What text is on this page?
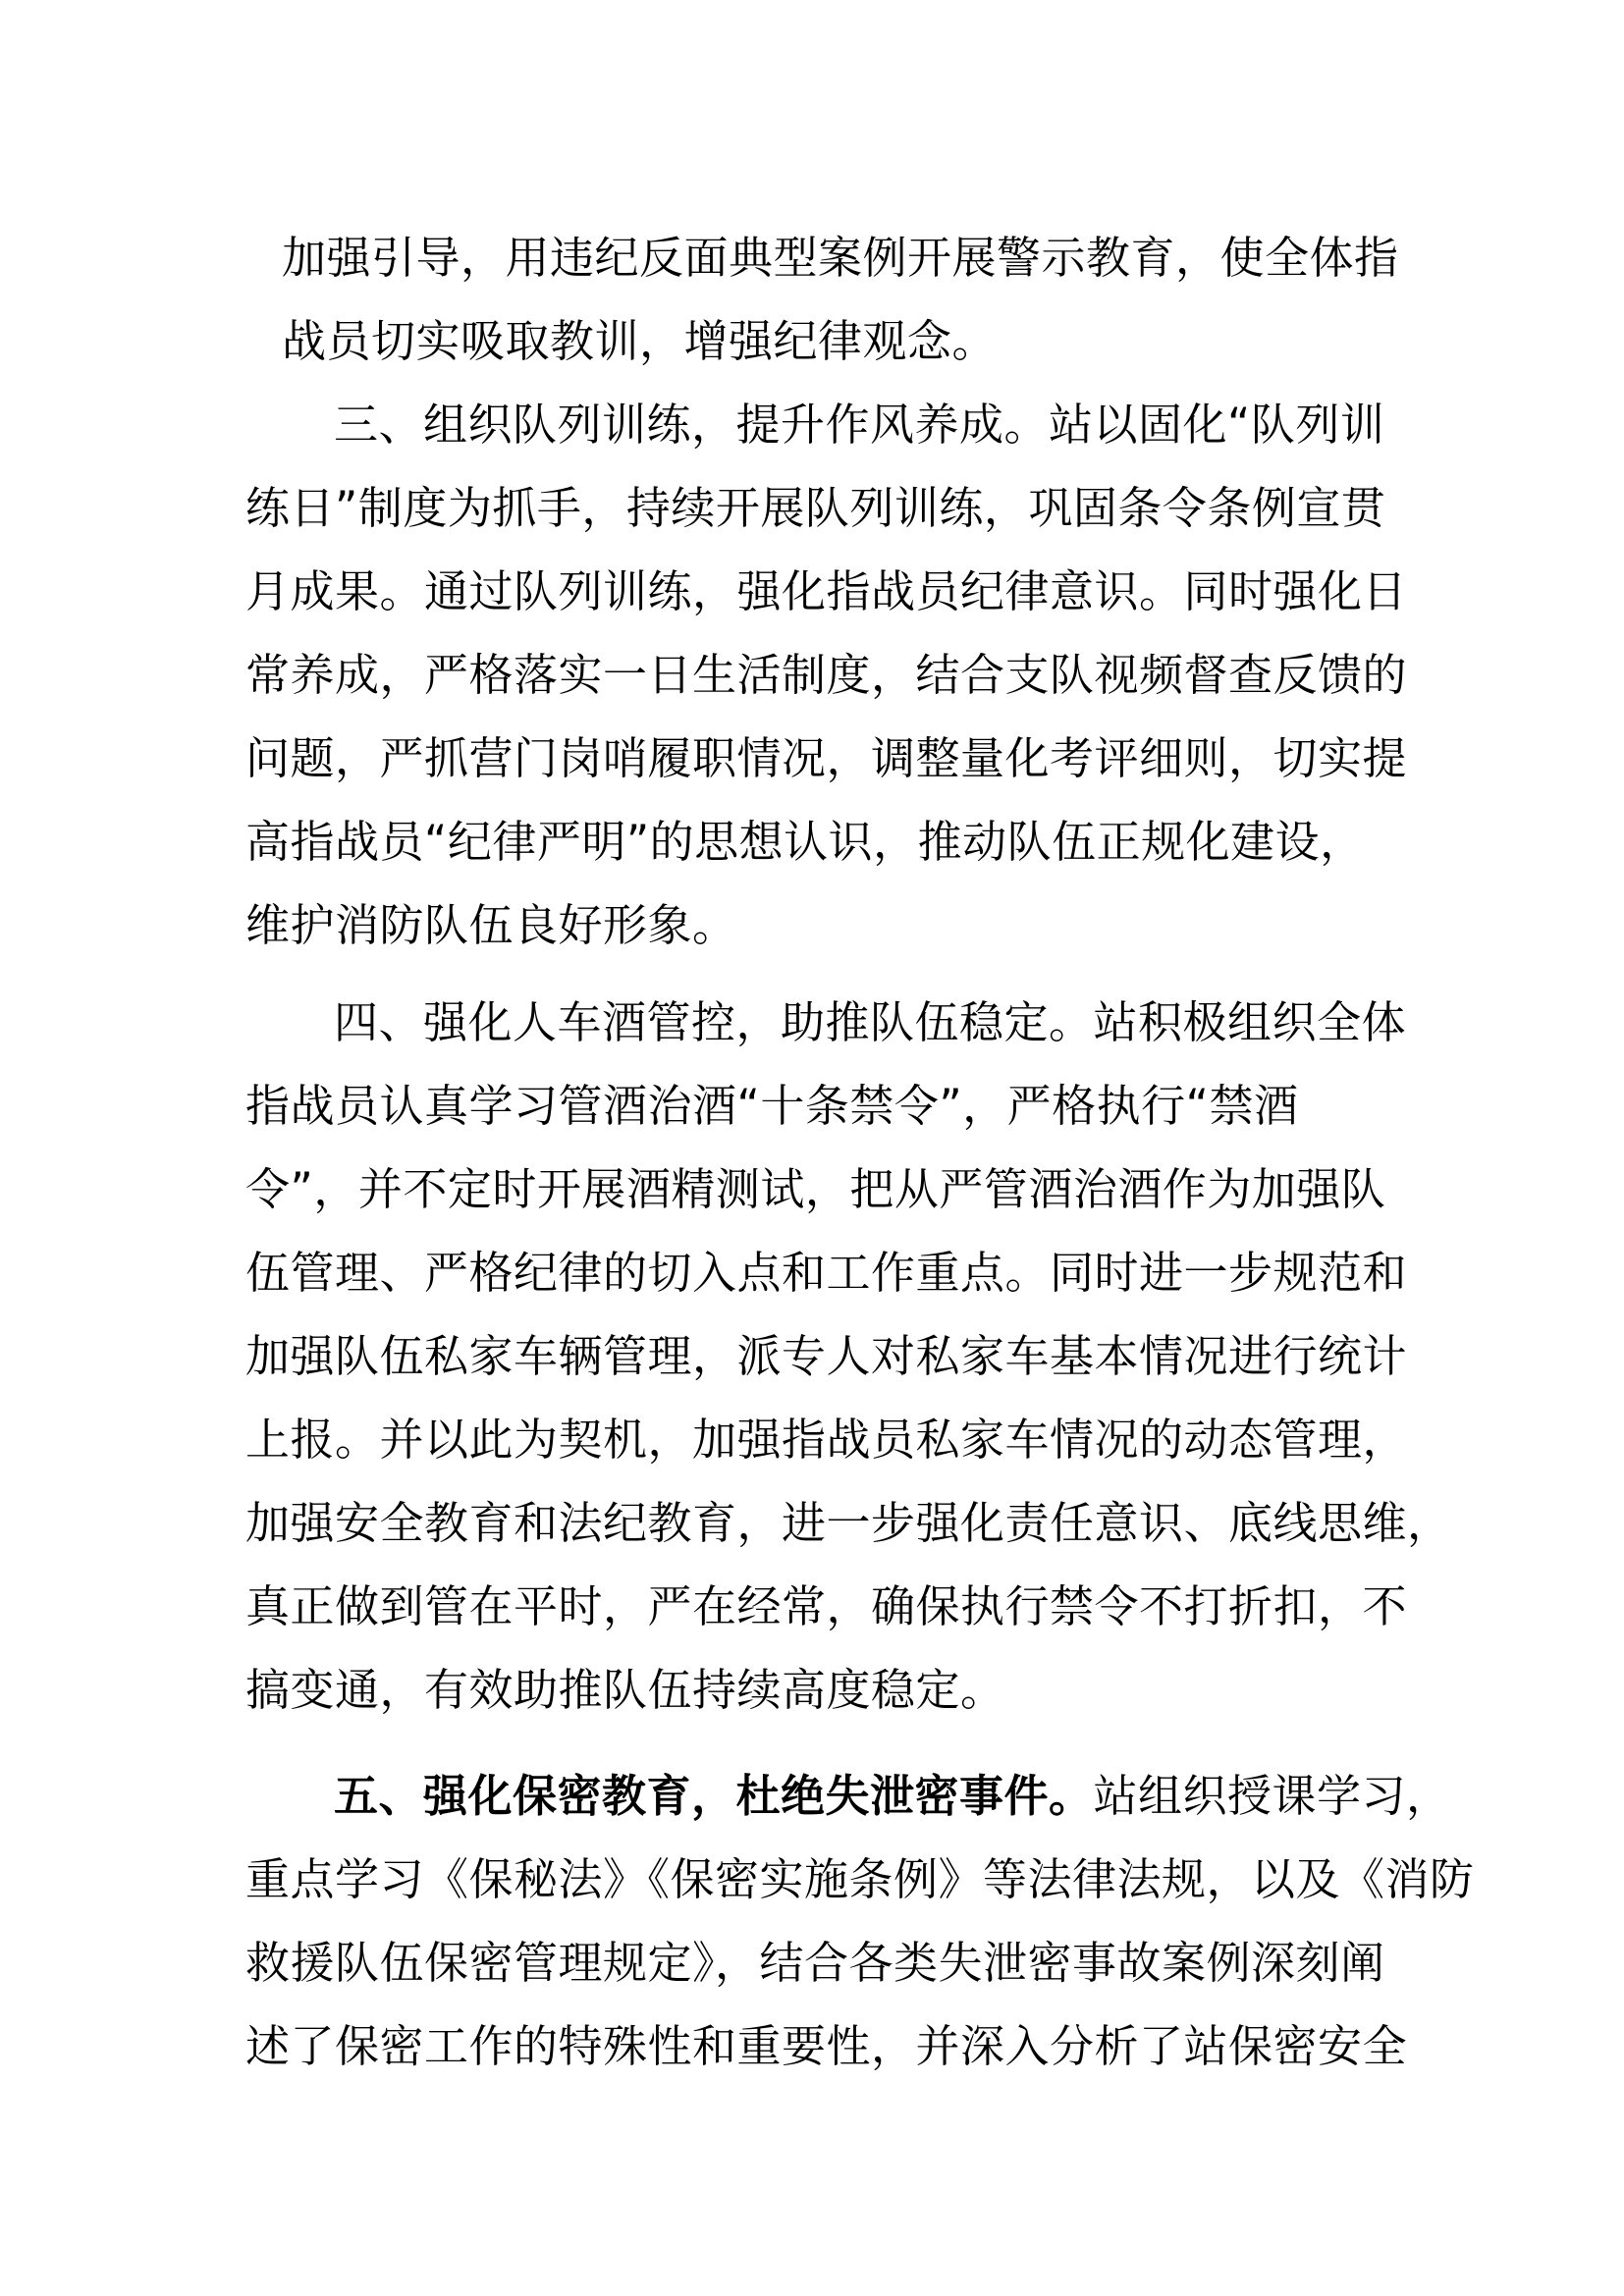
加强引导，用违纪反面典型案例开展警示教育，使全体指
战员切实吸取教训，增强纪律观念。
三、组织队列训练，提升作风养成。站以固化“队列训
练日”制度为抓手，持续开展队列训练，巩固条令条例宣贯
月成果。通过队列训练，强化指战员纪律意识。同时强化日
常养成，严格落实一日生活制度，结合支队视频督查反馈的
问题，严抓营门岗哨履职情况，调整量化考评细则，切实提
高指战员“纪律严明”的思想认识，推动队伍正规化建设，
维护消防队伍良好形象。
四、强化人车酒管控，助推队伍稳定。站积极组织全体
指战员认真学习管酒治酒“十条禁令”，严格执行“禁酒
令”，并不定时开展酒精测试，把从严管酒治酒作为加强队
伍管理、严格纪律的切入点和工作重点。同时进一步规范和
加强队伍私家车辆管理，派专人对私家车基本情况进行统计
上报。并以此为契机，加强指战员私家车情况的动态管理，
加强安全教育和法纪教育，进一步强化责任意识、底线思维，
真正做到管在平时，严在经常，确保执行禁令不打折扣，不
搞变通，有效助推队伍持续高度稳定。
五、强化保密教育，杜绝失泄密事件。站组织授课学习，
重点学习《保秘法》《保密实施条例》等法律法规，以及《消防
救援队伍保密管理规定》，结合各类失泄密事故案例深刻阐
述了保密工作的特殊性和重要性，并深入分析了站保密安全
